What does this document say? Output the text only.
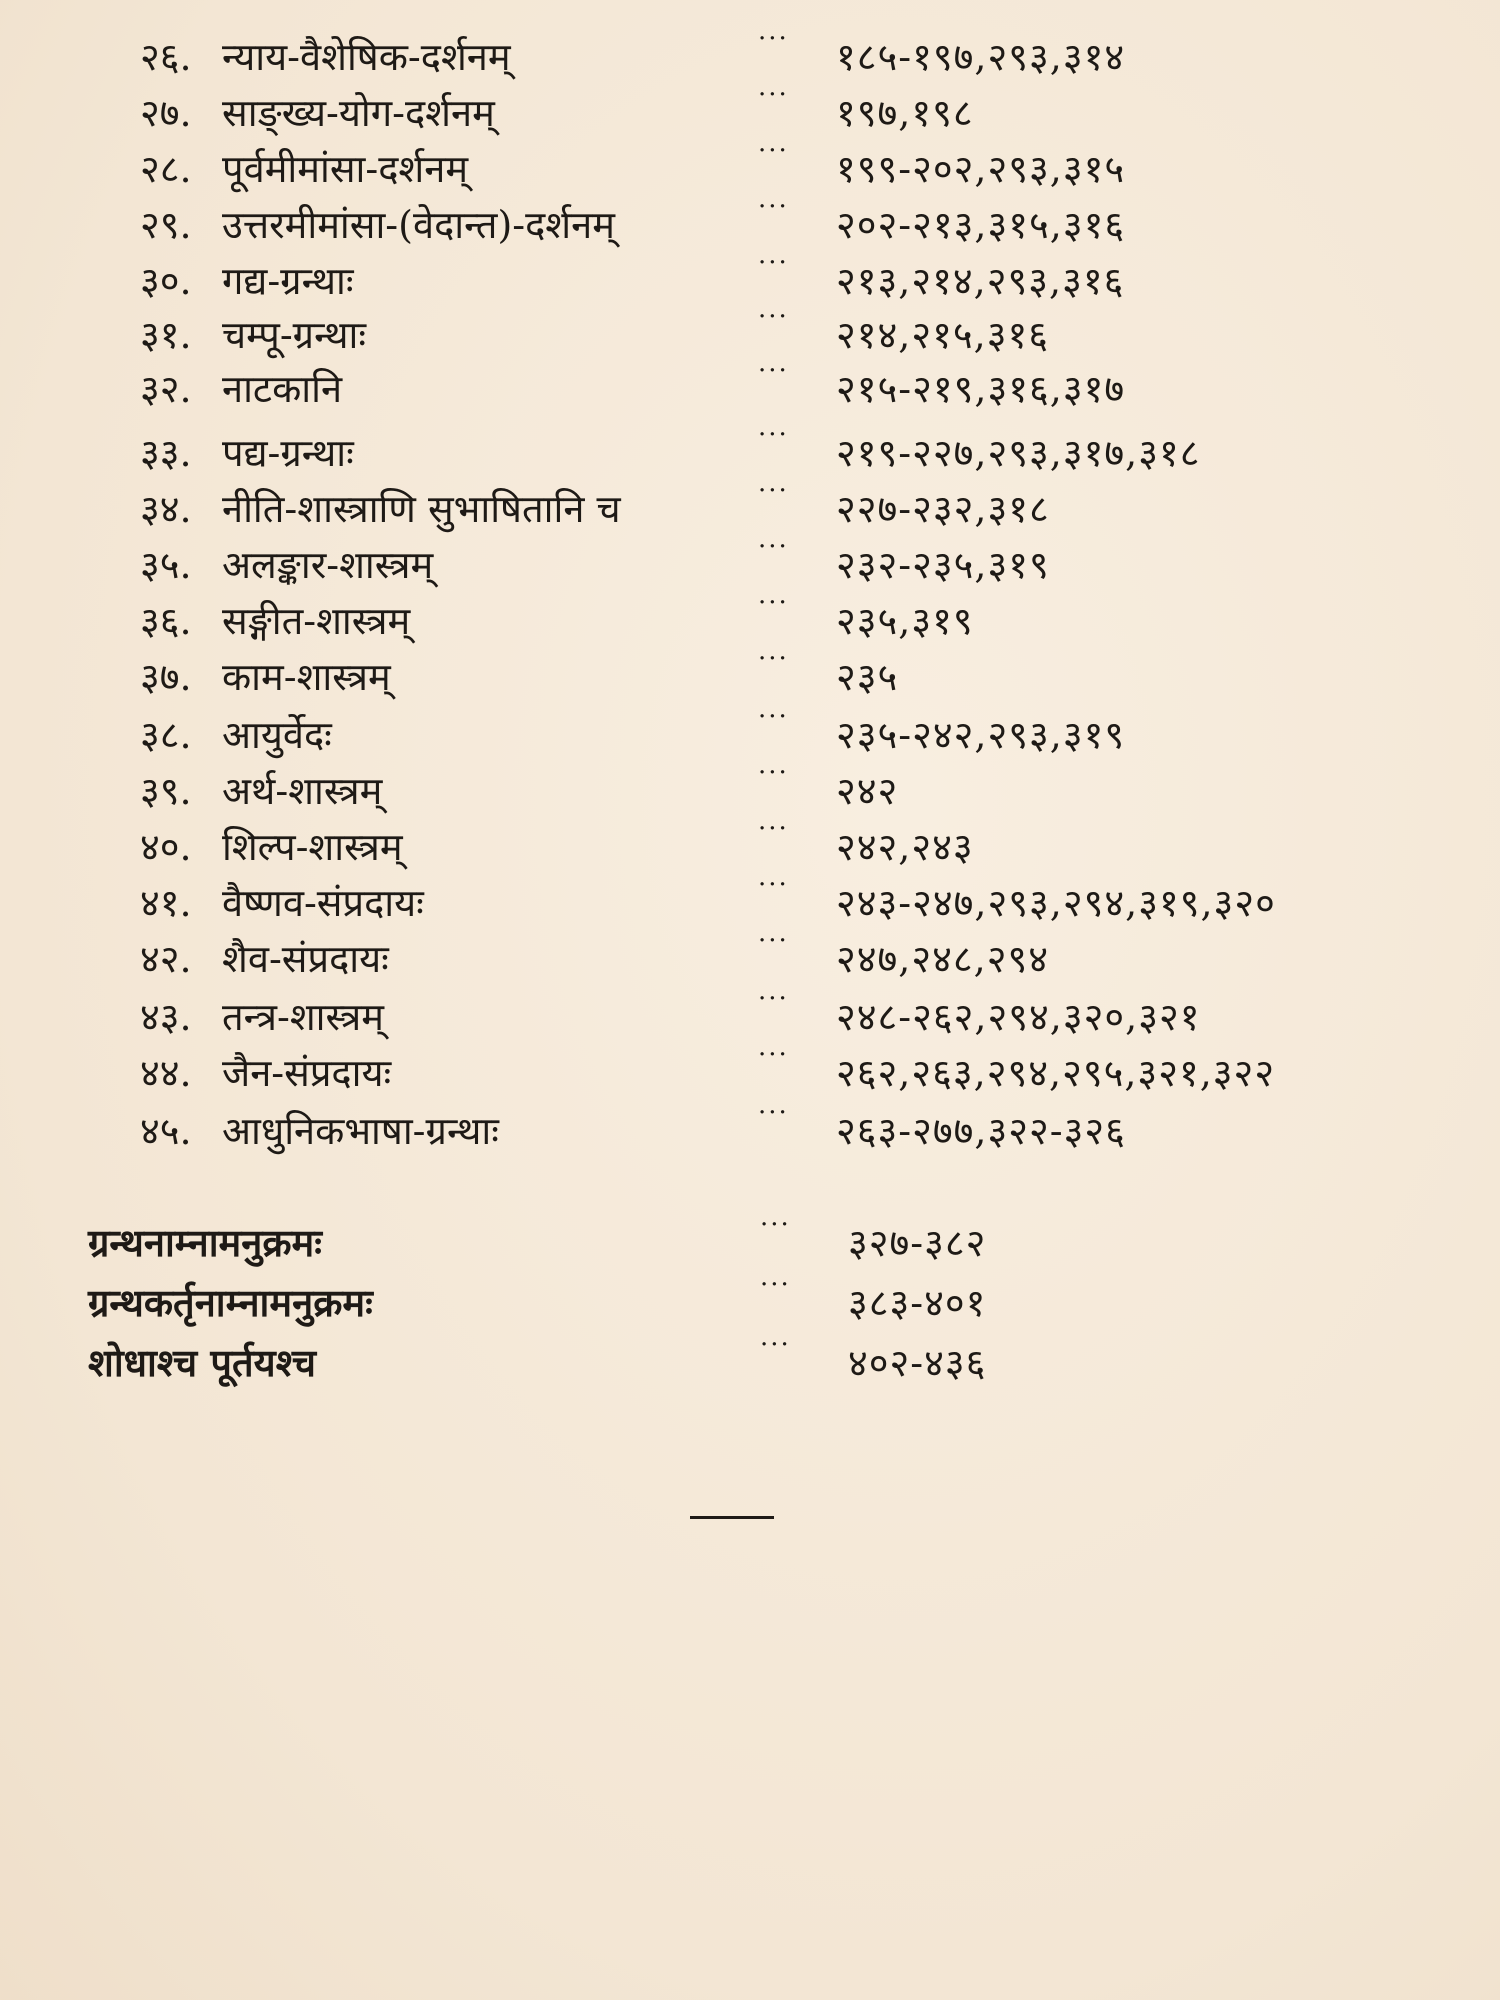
२६. न्याय-वैशेषिक-दर्शनम्	··· १८५-१९७,२९३,३१४
२७. साङ्ख्य-योग-दर्शनम्	··· १९७,१९८
२८. पूर्वमीमांसा-दर्शनम्	··· १९९-२०२,२९३,३१५
२९. उत्तरमीमांसा-(वेदान्त)-दर्शनम्	··· २०२-२१३,३१५,३१६
३०. गद्य-ग्रन्थाः	··· २१३,२१४,२९३,३१६
३१. चम्पू-ग्रन्थाः	··· २१४,२१५,३१६
३२. नाटकानि	··· २१५-२१९,३१६,३१७
३३. पद्य-ग्रन्थाः	··· २१९-२२७,२९३,३१७,३१८
३४. नीति-शास्त्राणि सुभाषितानि च	··· २२७-२३२,३१८
३५. अलङ्कार-शास्त्रम्	··· २३२-२३५,३१९
३६. सङ्गीत-शास्त्रम्	··· २३५,३१९
३७. काम-शास्त्रम्	··· २३५
३८. आयुर्वेदः	··· २३५-२४२,२९३,३१९
३९. अर्थ-शास्त्रम्	··· २४२
४०. शिल्प-शास्त्रम्	··· २४२,२४३
४१. वैष्णव-संप्रदायः	··· २४३-२४७,२९३,२९४,३१९,३२०
४२. शैव-संप्रदायः	··· २४७,२४८,२९४
४३. तन्त्र-शास्त्रम्	··· २४८-२६२,२९४,३२०,३२१
४४. जैन-संप्रदायः	··· २६२,२६३,२९४,२९५,३२१,३२२
४५. आधुनिकभाषा-ग्रन्थाः	··· २६३-२७७,३२२-३२६
ग्रन्थनाम्नामनुक्रमः	··· ३२७-३८२
ग्रन्थकर्तृनाम्नामनुक्रमः	··· ३८३-४०१
शोधाश्च पूर्तयश्च	··· ४०२-४३६
